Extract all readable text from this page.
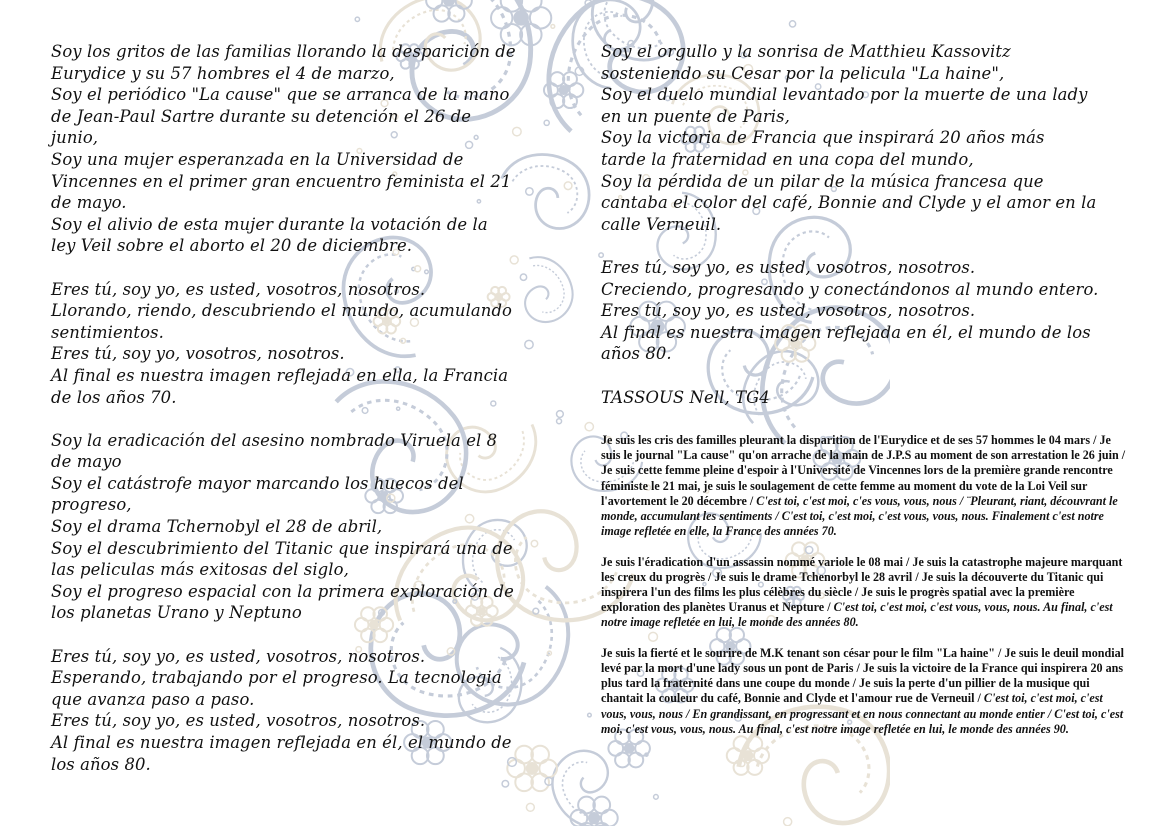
Soy los gritos de las familias llorando la desparición de
Eurydice y su 57 hombres el 4 de marzo,
Soy el periódico "La cause" que se arranca de la mano
de Jean-Paul Sartre durante su detención el 26 de
junio,
Soy una mujer esperanzada en la Universidad de
Vincennes en el primer gran encuentro feminista el 21
de mayo.
Soy el alivio de esta mujer durante la votación de la
ley Veil sobre el aborto el 20 de diciembre.
Eres tú, soy yo, es usted, vosotros, nosotros.
Llorando, riendo, descubriendo el mundo, acumulando
sentimientos.
Eres tú, soy yo, vosotros, nosotros.
Al final es nuestra imagen reflejada en ella, la Francia
de los años 70.
Soy la eradicación del asesino nombrado Viruela el 8
de mayo
Soy el catástrofe mayor marcando los huecos del
progreso,
Soy el drama Tchernobyl el 28 de abril,
Soy el descubrimiento del Titanic que inspirará una de
las peliculas más exitosas del siglo,
Soy el progreso espacial con la primera exploración de
los planetas Urano y Neptuno
Eres tú, soy yo, es usted, vosotros, nosotros.
Esperando, trabajando por el progreso. La tecnologia
que avanza paso a paso.
Eres tú, soy yo, es usted, vosotros, nosotros.
Al final es nuestra imagen reflejada en él, el mundo de
los años 80.
Soy el orgullo y la sonrisa de Matthieu Kassovitz
sosteniendo su Cesar por la pelicula "La haine",
Soy el duelo mundial levantado por la muerte de una lady
en un puente de Paris,
Soy la victoria de Francia que inspirará 20 años más
tarde la fraternidad en una copa del mundo,
Soy la pérdida de un pilar de la música francesa que
cantaba el color del café, Bonnie and Clyde y el amor en la
calle Verneuil.
Eres tú, soy yo, es usted, vosotros, nosotros.
Creciendo, progresando y conectándonos al mundo entero.
Eres tú, soy yo, es usted, vosotros, nosotros.
Al final es nuestra imagen reflejada en él, el mundo de los
años 80.
TASSOUS Nell, TG4

Je suis les cris des familles pleurant la disparition de l'Eurydice et de ses 57 hommes le 04 mars / Je suis le journal "La cause" qu'on arrache de la main de J.P.S au moment de son arrestation le 26 juin / Je suis cette femme pleine d'espoir à l'Université de Vincennes lors de la première grande rencontre féministe le 21 mai, je suis le soulagement de cette femme au moment du vote de la Loi Veil sur l'avortement le 20 décembre / C'est toi, c'est moi, c'es vous, vous, nous / ¨Pleurant, riant, découvrant le monde, accumulant les sentiments / C'est toi, c'est moi, c'est vous, vous, nous. Finalement c'est notre image refletée en elle, la France des années 70.

Je suis l'éradication d'un assassin nommé variole le 08 mai / Je suis la catastrophe majeure marquant les creux du progrès / Je suis le drame Tchenorbyl le 28 avril / Je suis la découverte du Titanic qui inspirera l'un des films les plus célèbres du siècle / Je suis le progrès spatial avec la première exploration des planètes Uranus et Nepture / C'est toi, c'est moi, c'est vous, vous, nous. Au final, c'est notre image refletée en lui, le monde des années 80.

Je suis la fierté et le sourire de M.K tenant son césar pour le film "La haine" / Je suis le deuil mondial levé par la mort d'une lady sous un pont de Paris / Je suis la victoire de la France qui inspirera 20 ans plus tard la fraternité dans une coupe du monde / Je suis la perte d'un pillier de la musique qui chantait la couleur du café, Bonnie and Clyde et l'amour rue de Verneuil / C'est toi, c'est moi, c'est vous, vous, nous / En grandissant, en progressant et en nous connectant au monde entier / C'est toi, c'est moi, c'est vous, vous, nous. Au final, c'est notre image refletée en lui, le monde des années 90.
